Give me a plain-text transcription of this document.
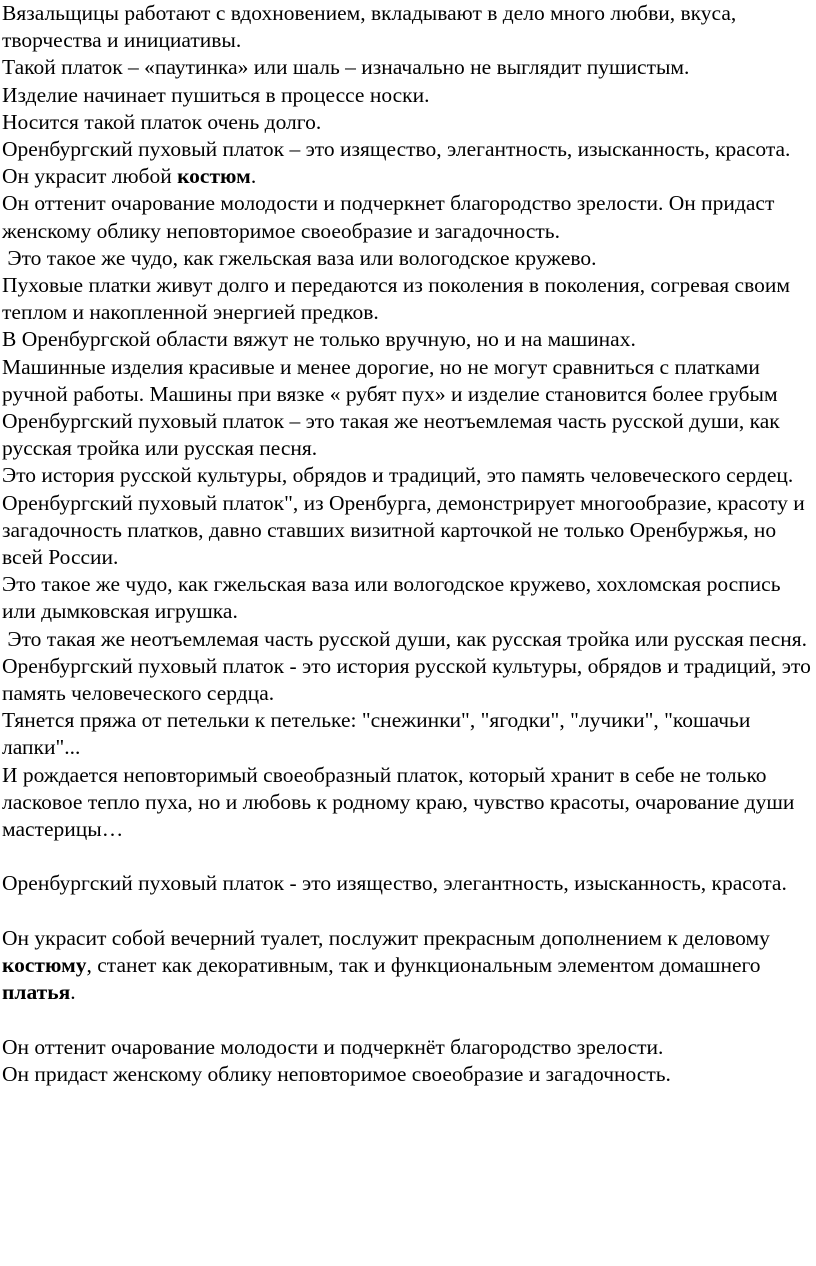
Вязальщицы работают с вдохновением, вкладывают в дело много любви, вкуса, творчества и инициативы.

Такой платок – «паутинка» или шаль – изначально не выглядит пушистым.

Изделие начинает пушиться в процессе носки.

Носится такой платок очень долго.

Оренбургский пуховый платок – это изящество, элегантность, изысканность, красота.

Он украсит любой костюм.

Он оттенит очарование молодости и подчеркнет благородство зрелости. Он придаст женскому облику неповторимое своеобразие и загадочность.

Это такое же чудо, как гжельская ваза или вологодское кружево.

Пуховые платки живут долго и передаются из поколения в поколения, согревая своим теплом и накопленной энергией предков.

В Оренбургской области вяжут не только вручную, но и на машинах.

Машинные изделия красивые и менее дорогие, но не могут сравниться с платками ручной работы. Машины при вязке « рубят пух» и изделие становится более грубым

Оренбургский пуховый платок – это такая же неотъемлемая часть русской души, как русская тройка или русская песня.

Это история русской культуры, обрядов и традиций, это память человеческого сердец.

Оренбургский пуховый платок", из Оренбурга, демонстрирует многообразие, красоту и загадочность платков, давно ставших визитной карточкой не только Оренбуржья, но всей России.

Это такое же чудо, как гжельская ваза или вологодское кружево, хохломская роспись или дымковская игрушка.

Это такая же неотъемлемая часть русской души, как русская тройка или русская песня.

Оренбургский пуховый платок - это история русской культуры, обрядов и традиций, это память человеческого сердца.

Тянется пряжа от петельки к петельке: "снежинки", "ягодки", "лучики", "кошачьи лапки"...

И рождается неповторимый своеобразный платок, который хранит в себе не только ласковое тепло пуха, но и любовь к родному краю, чувство красоты, очарование души мастерицы…

Оренбургский пуховый платок - это изящество, элегантность, изысканность, красота.

Он украсит собой вечерний туалет, послужит прекрасным дополнением к деловому костюму, станет как декоративным, так и функциональным элементом домашнего платья.

Он оттенит очарование молодости и подчеркнёт благородство зрелости.

Он придаст женскому облику неповторимое своеобразие и загадочность.
